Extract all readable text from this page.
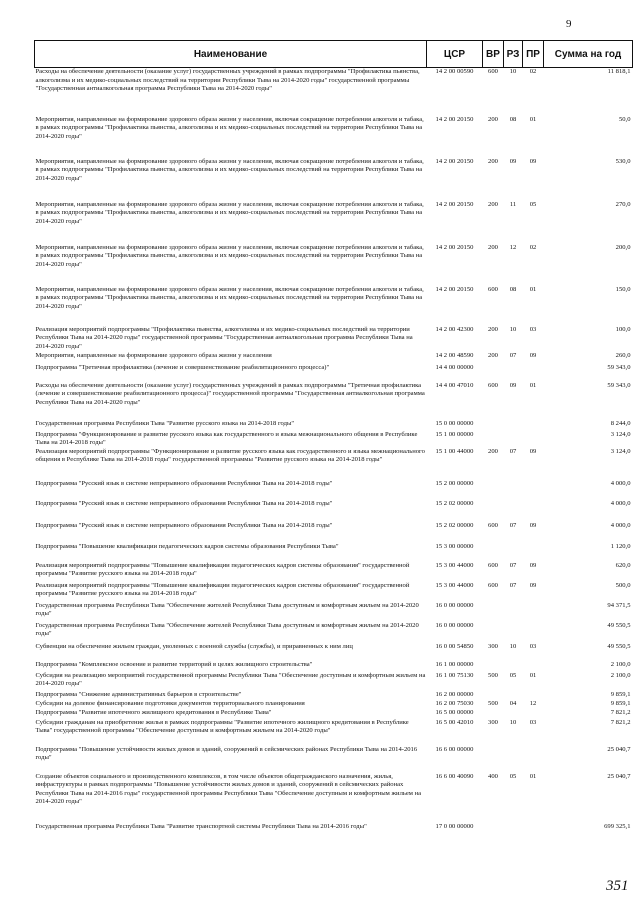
9
Наименование	ЦСР	ВР	РЗ	ПР	Сумма на год
Расходы на обеспечение деятельности (оказание услуг) государственных учреждений в рамках подпрограммы "Профилактика пьянства, алкоголизма и их медико-социальных последствий на территории Республики Тыва на 2014-2020 годы" государственной программы "Государственная антиалкогольная программа Республики Тыва на 2014-2020 годы"	14 2 00 00590	600	10	02	11 818,1
Мероприятия, направленные на формирование здорового образа жизни у населения, включая сокращение потребления алкоголя и табака, в рамках подпрограммы "Профилактика пьянства, алкоголизма и их медико-социальных последствий на территории Республики Тыва на 2014-2020 годы"	14 2 00 20150	200	08	01	50,0
Мероприятия, направленные на формирование здорового образа жизни у населения, включая сокращение потребления алкоголя и табака, в рамках подпрограммы "Профилактика пьянства, алкоголизма и их медико-социальных последствий на территории Республики Тыва на 2014-2020 годы"	14 2 00 20150	200	09	09	530,0
Мероприятия, направленные на формирование здорового образа жизни у населения, включая сокращение потребления алкоголя и табака, в рамках подпрограммы "Профилактика пьянства, алкоголизма и их медико-социальных последствий на территории Республики Тыва на 2014-2020 годы"	14 2 00 20150	200	11	05	270,0
Мероприятия, направленные на формирование здорового образа жизни у населения, включая сокращение потребления алкоголя и табака, в рамках подпрограммы "Профилактика пьянства, алкоголизма и их медико-социальных последствий на территории Республики Тыва на 2014-2020 годы"	14 2 00 20150	200	12	02	200,0
Мероприятия, направленные на формирование здорового образа жизни у населения, включая сокращение потребления алкоголя и табака, в рамках подпрограммы "Профилактика пьянства, алкоголизма и их медико-социальных последствий на территории Республики Тыва на 2014-2020 годы"	14 2 00 20150	600	08	01	150,0
Реализация мероприятий подпрограммы "Профилактика пьянства, алкоголизма и их медико-социальных последствий на территории Республики Тыва на 2014-2020 годы" государственной программы "Государственная антиалкогольная программа Республики Тыва на 2014-2020 годы"	14 2 00 42300	200	10	03	100,0
Мероприятия, направленные на формирование здорового образа жизни у населения	14 2 00 48590	200	07	09	260,0
Подпрограмма "Третичная профилактика (лечение и совершенствование реабилитационного процесса)"	14 4 00 00000				59 343,0
Расходы на обеспечение деятельности (оказание услуг) государственных учреждений в рамках подпрограммы "Третичная профилактика (лечение и совершенствование реабилитационного процесса)" государственной программы "Государственная антиалкогольная программа Республики Тыва на 2014-2020 годы"	14 4 00 47010	600	09	01	59 343,0
Государственная программа Республики Тыва "Развитие русского языка на 2014-2018 годы"	15 0 00 00000				8 244,0
Подпрограмма "Функционирование и развитие русского языка как государственного и языка межнационального общения в Республике Тыва на 2014-2018 годы"	15 1 00 00000				3 124,0
Реализация мероприятий подпрограммы "Функционирование и развитие русского языка как государственного и языка межнационального общения в Республике Тыва на 2014-2018 годы" государственной программы "Развитие русского языка на 2014-2018 годы"	15 1 00 44000	200	07	09	3 124,0
Подпрограмма "Русский язык в системе непрерывного образования Республики Тыва на 2014-2018 годы"	15 2 00 00000				4 000,0
Подпрограмма "Русский язык в системе непрерывного образования Республики Тыва на 2014-2018 годы"	15 2 02 00000				4 000,0
Подпрограмма "Русский язык в системе непрерывного образования Республики Тыва на 2014-2018 годы"	15 2 02 00000	600	07	09	4 000,0
Подпрограмма "Повышение квалификации педагогических кадров системы образования Республики Тыва"	15 3 00 00000				1 120,0
Реализация мероприятий подпрограммы "Повышение квалификации педагогических кадров системы образования" государственной программы "Развитие русского языка на 2014-2018 годы"	15 3 00 44000	600	07	09	620,0
Реализация мероприятий подпрограммы "Повышение квалификации педагогических кадров системы образования" государственной программы "Развитие русского языка на 2014-2018 годы"	15 3 00 44000	600	07	09	500,0
Государственная программа Республики Тыва "Обеспечение жителей Республики Тыва доступным и комфортным жильем на 2014-2020 годы"	16 0 00 00000				94 371,5
Государственная программа Республики Тыва "Обеспечение жителей Республики Тыва доступным и комфортным жильем на 2014-2020 годы"	16 0 00 00000				49 550,5
Субвенции на обеспечение жильем граждан, уволенных с военной службы (службы), и приравненных к ним лиц	16 0 00 54850	300	10	03	49 550,5
Подпрограмма "Комплексное освоение и развитие территорий в целях жилищного строительства"	16 1 00 00000				2 100,0
Субсидия на реализацию мероприятий государственной программы Республики Тыва "Обеспечение доступным и комфортным жильем на 2014-2020 годы"	16 1 00 75130	500	05	01	2 100,0
Подпрограмма "Снижение административных барьеров в строительстве"	16 2 00 00000				9 859,1
Субсидии на долевое финансирование подготовки документов территориального планирования	16 2 00 75030	500	04	12	9 859,1
Подпрограмма "Развитие ипотечного жилищного кредитования в Республике Тыва"	16 5 00 00000				7 821,2
Субсидии гражданам на приобретение жилья в рамках подпрограммы "Развитие ипотечного жилищного кредитования в Республике Тыва" государственной программы "Обеспечение доступным и комфортным жильем на 2014-2020 годы"	16 5 00 42010	300	10	03	7 821,2
Подпрограмма "Повышение устойчивости жилых домов и зданий, сооружений в сейсмических районах Республики Тыва на 2014-2016 годы"	16 6 00 00000				25 040,7
Создание объектов социального и производственного комплексов, в том числе объектов общегражданского назначения, жилья, инфраструктуры в рамках подпрограммы "Повышение устойчивости жилых домов и зданий, сооружений в сейсмических районах Республики Тыва на 2014-2016 годы" государственной программы Республики Тыва "Обеспечение доступным и комфортным жильем на 2014-2020 годы"	16 6 00 40090	400	05	01	25 040,7
Государственная программа Республики Тыва "Развитие транспортной системы Республики Тыва на 2014-2016 годы"	17 0 00 00000				699 325,1
351
